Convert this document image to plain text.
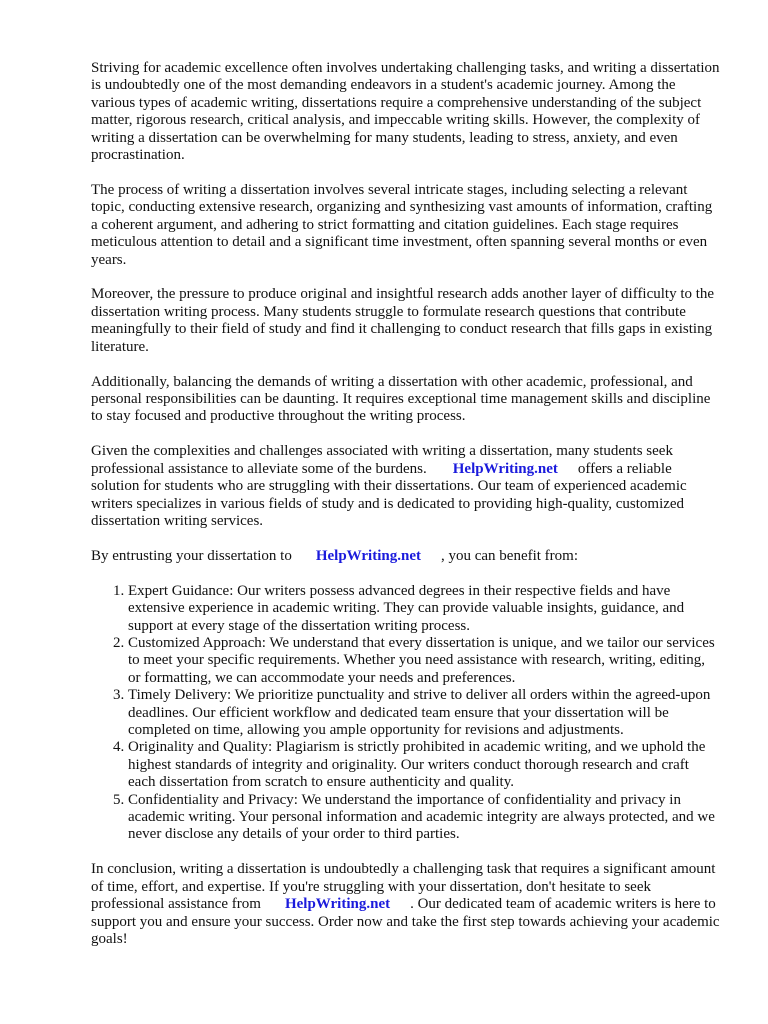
Striving for academic excellence often involves undertaking challenging tasks, and writing a dissertation is undoubtedly one of the most demanding endeavors in a student's academic journey. Among the various types of academic writing, dissertations require a comprehensive understanding of the subject matter, rigorous research, critical analysis, and impeccable writing skills. However, the complexity of writing a dissertation can be overwhelming for many students, leading to stress, anxiety, and even procrastination.

The process of writing a dissertation involves several intricate stages, including selecting a relevant topic, conducting extensive research, organizing and synthesizing vast amounts of information, crafting a coherent argument, and adhering to strict formatting and citation guidelines. Each stage requires meticulous attention to detail and a significant time investment, often spanning several months or even years.

Moreover, the pressure to produce original and insightful research adds another layer of difficulty to the dissertation writing process. Many students struggle to formulate research questions that contribute meaningfully to their field of study and find it challenging to conduct research that fills gaps in existing literature.

Additionally, balancing the demands of writing a dissertation with other academic, professional, and personal responsibilities can be daunting. It requires exceptional time management skills and discipline to stay focused and productive throughout the writing process.

Given the complexities and challenges associated with writing a dissertation, many students seek professional assistance to alleviate some of the burdens. HelpWriting.net offers a reliable solution for students who are struggling with their dissertations. Our team of experienced academic writers specializes in various fields of study and is dedicated to providing high-quality, customized dissertation writing services.

By entrusting your dissertation to HelpWriting.net , you can benefit from:

1. Expert Guidance: Our writers possess advanced degrees in their respective fields and have extensive experience in academic writing. They can provide valuable insights, guidance, and support at every stage of the dissertation writing process.
2. Customized Approach: We understand that every dissertation is unique, and we tailor our services to meet your specific requirements. Whether you need assistance with research, writing, editing, or formatting, we can accommodate your needs and preferences.
3. Timely Delivery: We prioritize punctuality and strive to deliver all orders within the agreed-upon deadlines. Our efficient workflow and dedicated team ensure that your dissertation will be completed on time, allowing you ample opportunity for revisions and adjustments.
4. Originality and Quality: Plagiarism is strictly prohibited in academic writing, and we uphold the highest standards of integrity and originality. Our writers conduct thorough research and craft each dissertation from scratch to ensure authenticity and quality.
5. Confidentiality and Privacy: We understand the importance of confidentiality and privacy in academic writing. Your personal information and academic integrity are always protected, and we never disclose any details of your order to third parties.

In conclusion, writing a dissertation is undoubtedly a challenging task that requires a significant amount of time, effort, and expertise. If you're struggling with your dissertation, don't hesitate to seek professional assistance from HelpWriting.net . Our dedicated team of academic writers is here to support you and ensure your success. Order now and take the first step towards achieving your academic goals!
